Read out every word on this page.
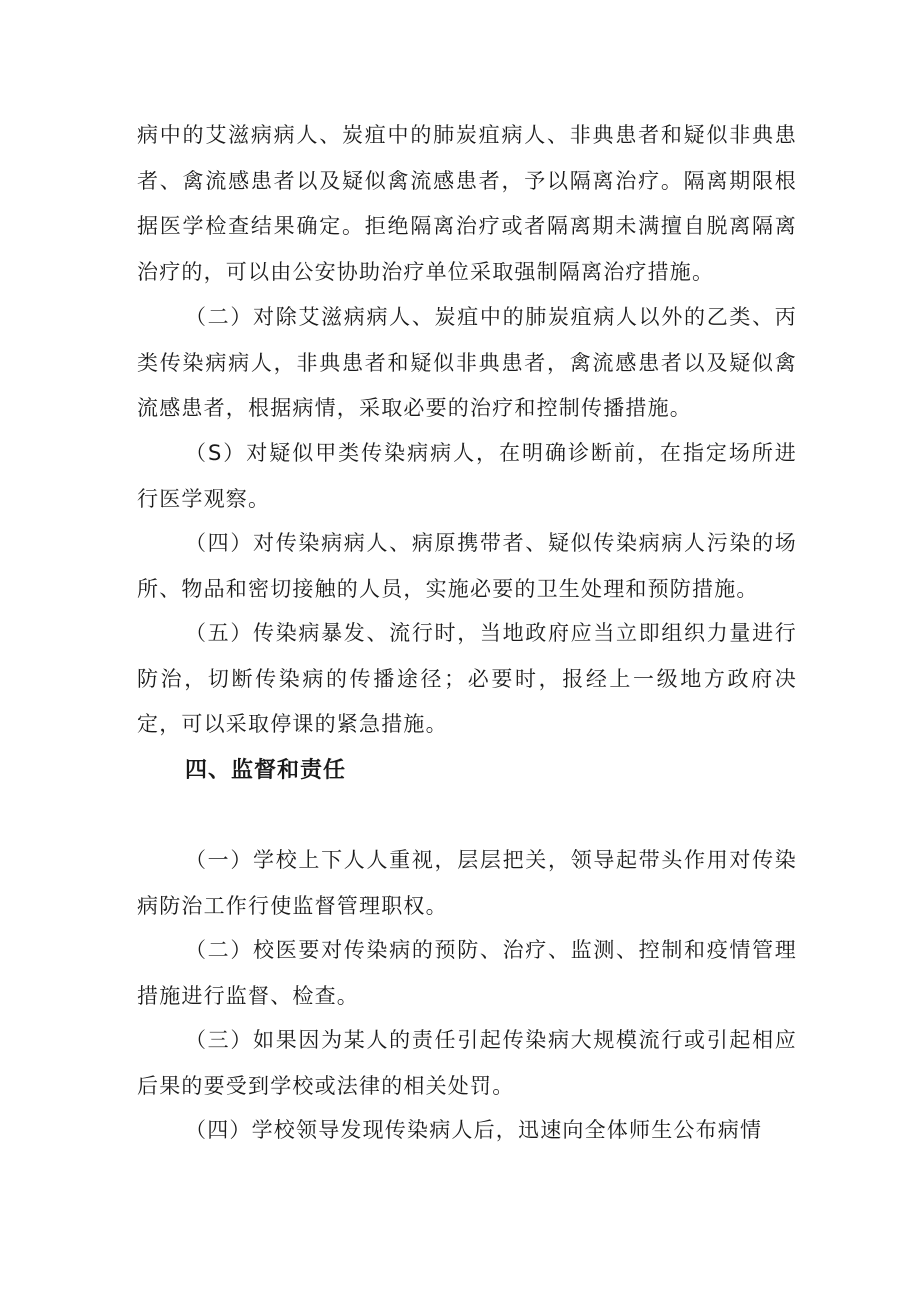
病中的艾滋病病人、炭疽中的肺炭疽病人、非典患者和疑似非典患者、禽流感患者以及疑似禽流感患者，予以隔离治疗。隔离期限根据医学检查结果确定。拒绝隔离治疗或者隔离期未满擅自脱离隔离治疗的，可以由公安协助治疗单位采取强制隔离治疗措施。

（二）对除艾滋病病人、炭疽中的肺炭疽病人以外的乙类、丙类传染病病人，非典患者和疑似非典患者，禽流感患者以及疑似禽流感患者，根据病情，采取必要的治疗和控制传播措施。

（S）对疑似甲类传染病病人，在明确诊断前，在指定场所进行医学观察。

（四）对传染病病人、病原携带者、疑似传染病病人污染的场所、物品和密切接触的人员，实施必要的卫生处理和预防措施。

（五）传染病暴发、流行时，当地政府应当立即组织力量进行防治，切断传染病的传播途径；必要时，报经上一级地方政府决定，可以采取停课的紧急措施。

四、监督和责任

（一）学校上下人人重视，层层把关，领导起带头作用对传染病防治工作行使监督管理职权。

（二）校医要对传染病的预防、治疗、监测、控制和疫情管理措施进行监督、检查。

（三）如果因为某人的责任引起传染病大规模流行或引起相应后果的要受到学校或法律的相关处罚。

（四）学校领导发现传染病人后，迅速向全体师生公布病情
